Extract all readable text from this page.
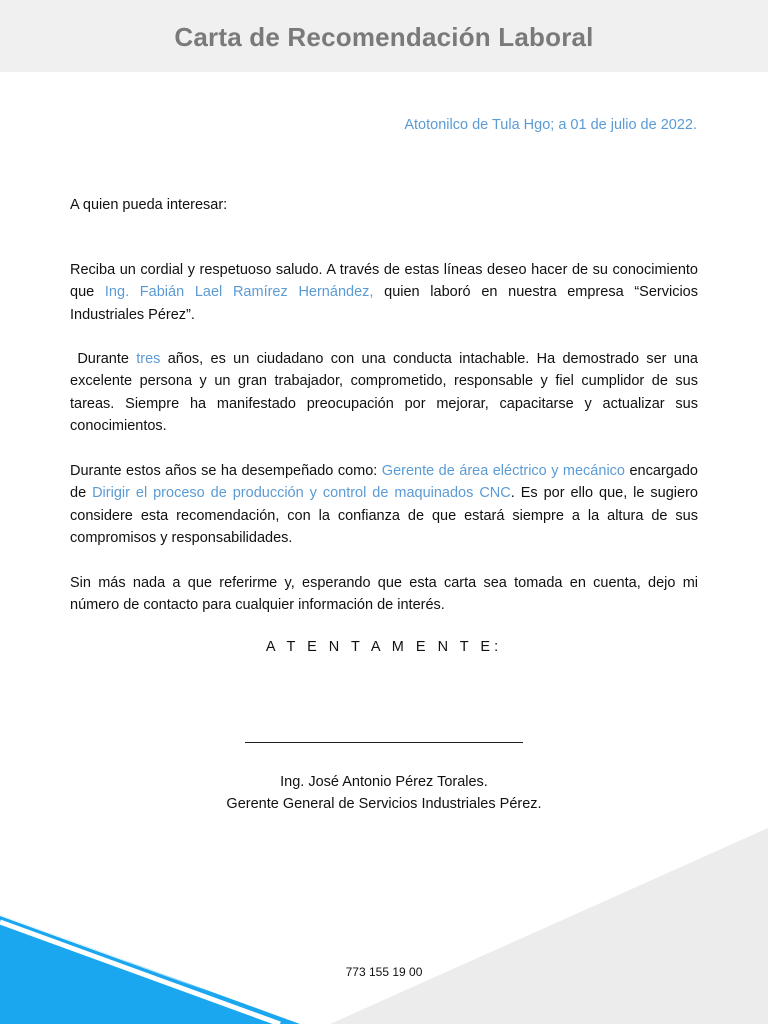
Carta de Recomendación Laboral
Atotonilco de Tula Hgo; a 01 de julio de 2022.
A quien pueda interesar:

Reciba un cordial y respetuoso saludo. A través de estas líneas deseo hacer de su conocimiento que Ing. Fabián Lael Ramírez Hernández, quien laboró en nuestra empresa “Servicios Industriales Pérez”.

Durante tres años, es un ciudadano con una conducta intachable. Ha demostrado ser una excelente persona y un gran trabajador, comprometido, responsable y fiel cumplidor de sus tareas. Siempre ha manifestado preocupación por mejorar, capacitarse y actualizar sus conocimientos.

Durante estos años se ha desempeñado como: Gerente de área eléctrico y mecánico encargado de Dirigir el proceso de producción y control de maquinados CNC. Es por ello que, le sugiero considere esta recomendación, con la confianza de que estará siempre a la altura de sus compromisos y responsabilidades.

Sin más nada a que referirme y, esperando que esta carta sea tomada en cuenta, dejo mi número de contacto para cualquier información de interés.

A T E N T A M E N T E:
Ing. José Antonio Pérez Torales.
Gerente General de Servicios Industriales Pérez.
773 155 19 00
